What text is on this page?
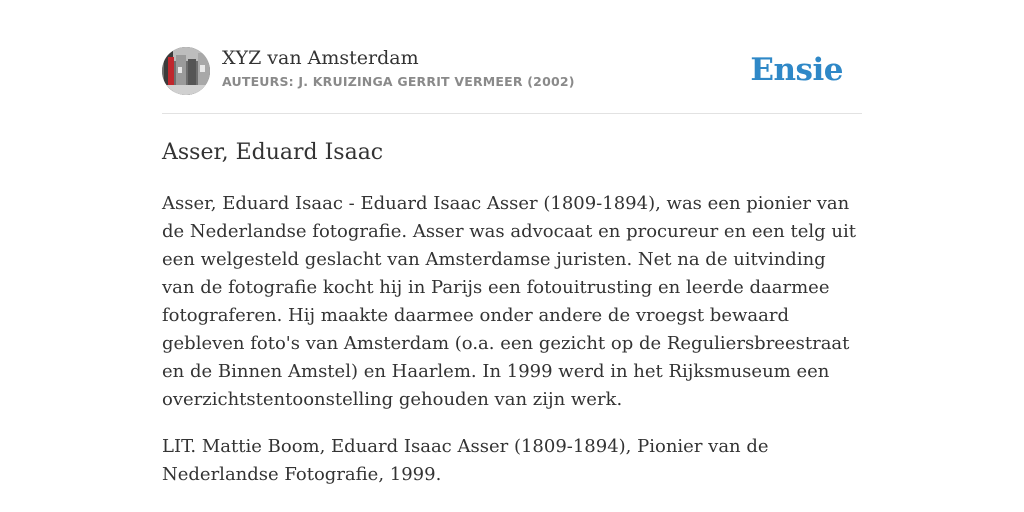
XYZ van Amsterdam
AUTEURS: J. KRUIZINGA GERRIT VERMEER (2002)	Ensie
Asser, Eduard Isaac

Asser, Eduard Isaac - Eduard Isaac Asser (1809-1894), was een pionier van de Nederlandse fotografie. Asser was advocaat en procureur en een telg uit een welgesteld geslacht van Amsterdamse juristen. Net na de uitvinding van de fotografie kocht hij in Parijs een fotouitrusting en leerde daarmee fotograferen. Hij maakte daarmee onder andere de vroegst bewaard gebleven foto's van Amsterdam (o.a. een gezicht op de Reguliersbreestraat en de Binnen Amstel) en Haarlem. In 1999 werd in het Rijksmuseum een overzichtstentoonstelling gehouden van zijn werk.

LIT. Mattie Boom, Eduard Isaac Asser (1809-1894), Pionier van de Nederlandse Fotografie, 1999.
